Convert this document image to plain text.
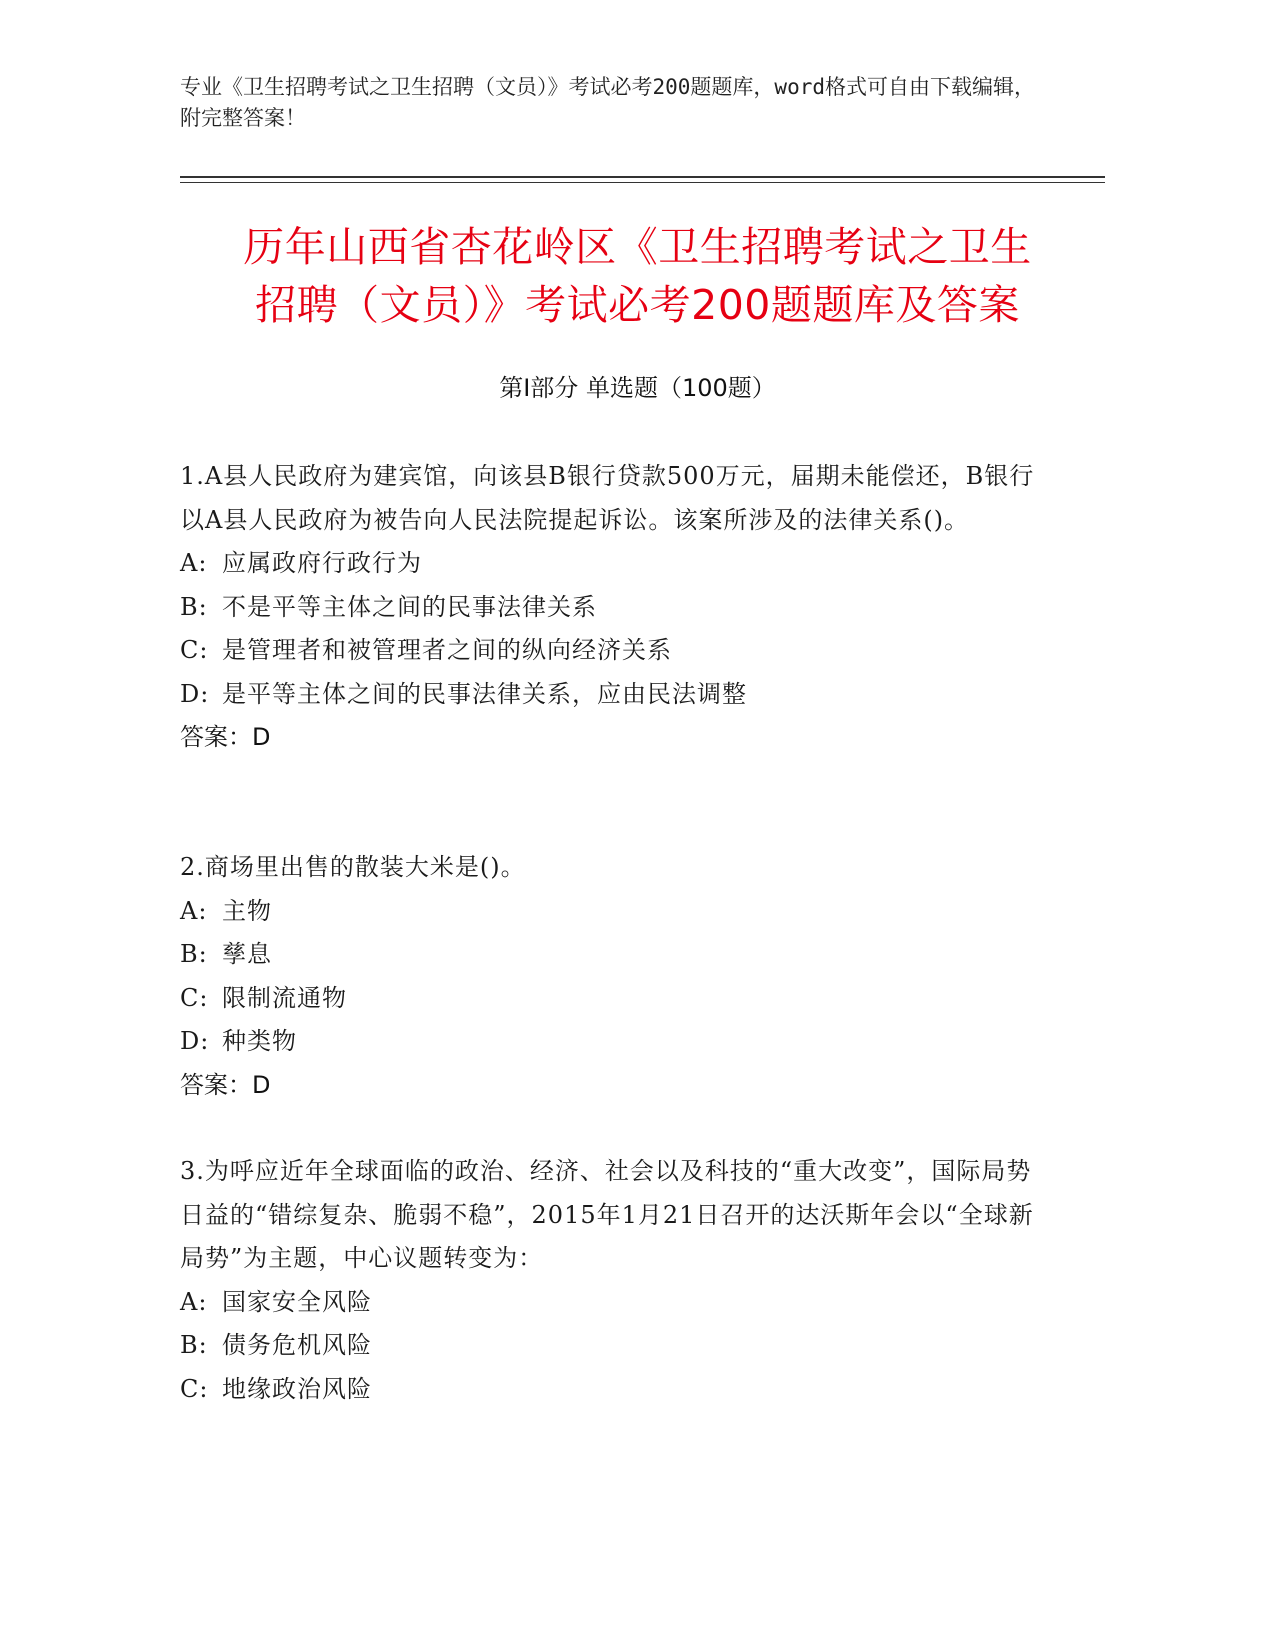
专业《卫生招聘考试之卫生招聘（文员）》考试必考200题题库，word格式可自由下载编辑，附完整答案！
历年山西省杏花岭区《卫生招聘考试之卫生
招聘（文员）》考试必考200题题库及答案
第Ⅰ部分 单选题（100题）
1.A县人民政府为建宾馆，向该县B银行贷款500万元，届期未能偿还，B银行以A县人民政府为被告向人民法院提起诉讼。该案所涉及的法律关系()。
A: 应属政府行政行为
B: 不是平等主体之间的民事法律关系
C: 是管理者和被管理者之间的纵向经济关系
D: 是平等主体之间的民事法律关系，应由民法调整
答案：D
2.商场里出售的散装大米是()。
A: 主物
B: 孳息
C: 限制流通物
D: 种类物
答案：D
3.为呼应近年全球面临的政治、经济、社会以及科技的“重大改变”，国际局势日益的“错综复杂、脆弱不稳”，2015年1月21日召开的达沃斯年会以“全球新局势”为主题，中心议题转变为：
A: 国家安全风险
B: 债务危机风险
C: 地缘政治风险
